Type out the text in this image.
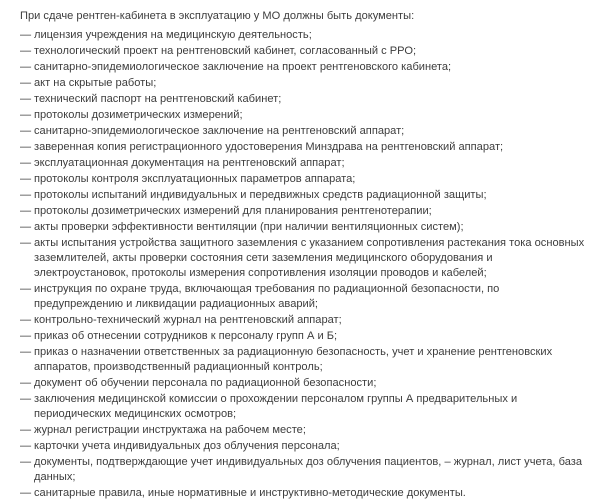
При сдаче рентген-кабинета в эксплуатацию у МО должны быть документы:

— лицензия учреждения на медицинскую деятельность;
— технологический проект на рентгеновский кабинет, согласованный с РРО;
— санитарно-эпидемиологическое заключение на проект рентгеновского кабинета;
— акт на скрытые работы;
— технический паспорт на рентгеновский кабинет;
— протоколы дозиметрических измерений;
— санитарно-эпидемиологическое заключение на рентгеновский аппарат;
— заверенная копия регистрационного удостоверения Минздрава на рентгеновский аппарат;
— эксплуатационная документация на рентгеновский аппарат;
— протоколы контроля эксплуатационных параметров аппарата;
— протоколы испытаний индивидуальных и передвижных средств радиационной защиты;
— протоколы дозиметрических измерений для планирования рентгенотерапии;
— акты проверки эффективности вентиляции (при наличии вентиляционных систем);
— акты испытания устройства защитного заземления с указанием сопротивления растекания тока основных заземлителей, акты проверки состояния сети заземления медицинского оборудования и электроустановок, протоколы измерения сопротивления изоляции проводов и кабелей;
— инструкция по охране труда, включающая требования по радиационной безопасности, по предупреждению и ликвидации радиационных аварий;
— контрольно-технический журнал на рентгеновский аппарат;
— приказ об отнесении сотрудников к персоналу групп А и Б;
— приказ о назначении ответственных за радиационную безопасность, учет и хранение рентгеновских аппаратов, производственный радиационный контроль;
— документ об обучении персонала по радиационной безопасности;
— заключения медицинской комиссии о прохождении персоналом группы А предварительных и периодических медицинских осмотров;
— журнал регистрации инструктажа на рабочем месте;
— карточки учета индивидуальных доз облучения персонала;
— документы, подтверждающие учет индивидуальных доз облучения пациентов, – журнал, лист учета, база данных;
— санитарные правила, иные нормативные и инструктивно-методические документы.
